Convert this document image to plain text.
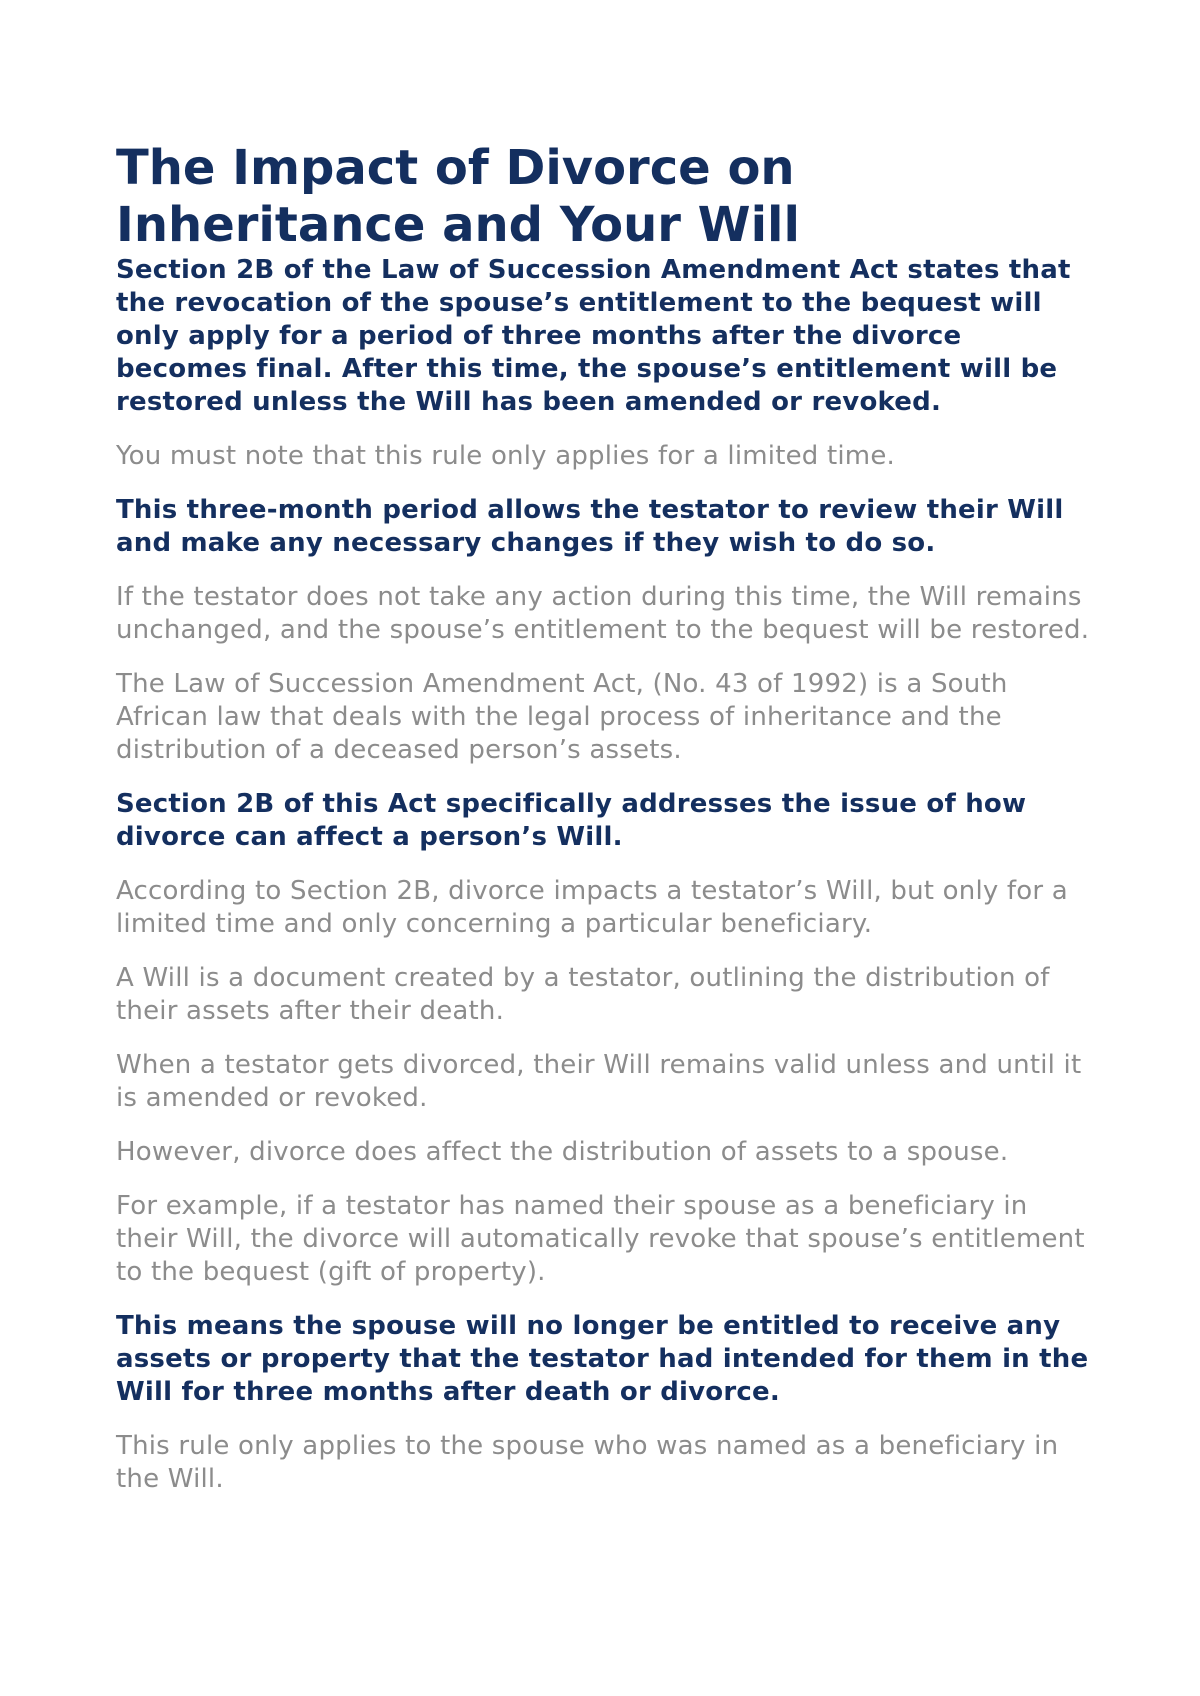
The Impact of Divorce on Inheritance and Your Will

Section 2B of the Law of Succession Amendment Act states that the revocation of the spouse’s entitlement to the bequest will only apply for a period of three months after the divorce becomes final. After this time, the spouse’s entitlement will be restored unless the Will has been amended or revoked.

You must note that this rule only applies for a limited time.

This three-month period allows the testator to review their Will and make any necessary changes if they wish to do so.

If the testator does not take any action during this time, the Will remains unchanged, and the spouse’s entitlement to the bequest will be restored.

The Law of Succession Amendment Act, (No. 43 of 1992) is a South African law that deals with the legal process of inheritance and the distribution of a deceased person’s assets.

Section 2B of this Act specifically addresses the issue of how divorce can affect a person’s Will.

According to Section 2B, divorce impacts a testator’s Will, but only for a limited time and only concerning a particular beneficiary.

A Will is a document created by a testator, outlining the distribution of their assets after their death.

When a testator gets divorced, their Will remains valid unless and until it is amended or revoked.

However, divorce does affect the distribution of assets to a spouse.

For example, if a testator has named their spouse as a beneficiary in their Will, the divorce will automatically revoke that spouse’s entitlement to the bequest (gift of property).

This means the spouse will no longer be entitled to receive any assets or property that the testator had intended for them in the Will for three months after death or divorce.

This rule only applies to the spouse who was named as a beneficiary in the Will.
